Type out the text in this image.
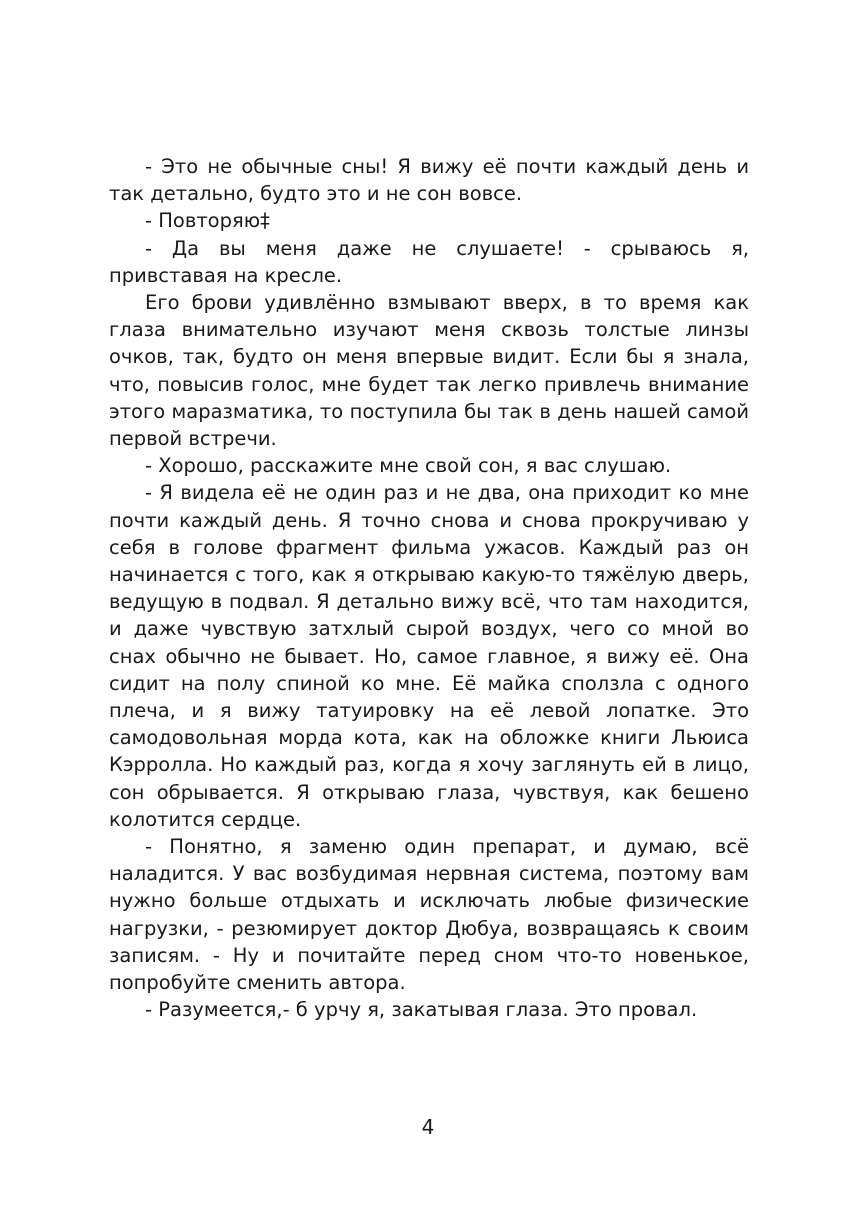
- Это не обычные сны! Я вижу её почти каждый день и так детально, будто это и не сон вовсе.

- Повторяю‡

- Да вы меня даже не слушаете! - срываюсь я, привставая на кресле.

Его брови удивлённо взмывают вверх, в то время как глаза внимательно изучают меня сквозь толстые линзы очков, так, будто он меня впервые видит. Если бы я знала, что, повысив голос, мне будет так легко привлечь внимание этого маразматика, то поступила бы так в день нашей самой первой встречи.

- Хорошо, расскажите мне свой сон, я вас слушаю.

- Я видела её не один раз и не два, она приходит ко мне почти каждый день. Я точно снова и снова прокручиваю у себя в голове фрагмент фильма ужасов. Каждый раз он начинается с того, как я открываю какую-то тяжёлую дверь, ведущую в подвал. Я детально вижу всё, что там находится, и даже чувствую затхлый сырой воздух, чего со мной во снах обычно не бывает. Но, самое главное, я вижу её. Она сидит на полу спиной ко мне. Её майка сползла с одного плеча, и я вижу татуировку на её левой лопатке. Это самодовольная морда кота, как на обложке книги Льюиса Кэрролла. Но каждый раз, когда я хочу заглянуть ей в лицо, сон обрывается. Я открываю глаза, чувствуя, как бешено колотится сердце.

- Понятно, я заменю один препарат, и думаю, всё наладится. У вас возбудимая нервная система, поэтому вам нужно больше отдыхать и исключать любые физические нагрузки, - резюмирует доктор Дюбуа, возвращаясь к своим записям. - Ну и почитайте перед сном что-то новенькое, попробуйте сменить автора.

- Разумеется,- б урчу я, закатывая глаза. Это провал.

4
